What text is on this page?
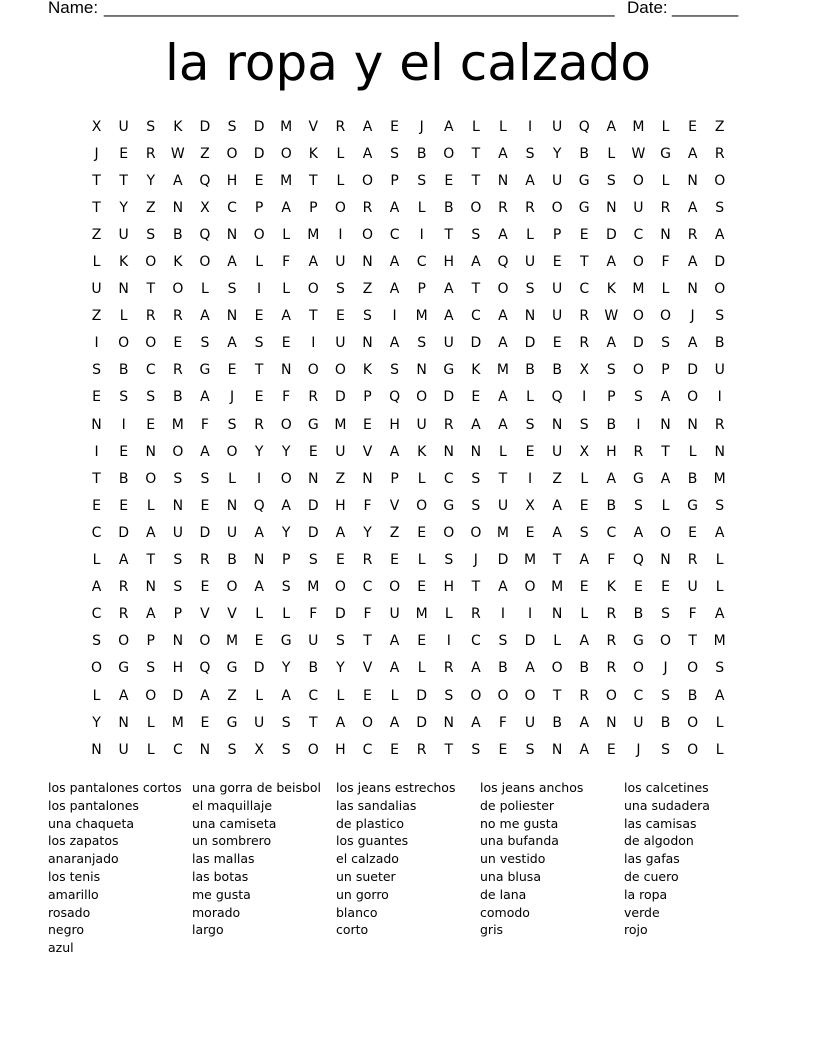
Name: ______________________________________________________ Date: _______
la ropa y el calzado
X	U	S	K	D	S	D	M	V	R	A	E	J	A	L	L	I	U	Q	A	M	L	E	Z
J	E	R	W	Z	O	D	O	K	L	A	S	B	O	T	A	S	Y	B	L	W	G	A	R
T	T	Y	A	Q	H	E	M	T	L	O	P	S	E	T	N	A	U	G	S	O	L	N	O
T	Y	Z	N	X	C	P	A	P	O	R	A	L	B	O	R	R	O	G	N	U	R	A	S
Z	U	S	B	Q	N	O	L	M	I	O	C	I	T	S	A	L	P	E	D	C	N	R	A
L	K	O	K	O	A	L	F	A	U	N	A	C	H	A	Q	U	E	T	A	O	F	A	D
U	N	T	O	L	S	I	L	O	S	Z	A	P	A	T	O	S	U	C	K	M	L	N	O
Z	L	R	R	A	N	E	A	T	E	S	I	M	A	C	A	N	U	R	W	O	O	J	S
I	O	O	E	S	A	S	E	I	U	N	A	S	U	D	A	D	E	R	A	D	S	A	B
S	B	C	R	G	E	T	N	O	O	K	S	N	G	K	M	B	B	X	S	O	P	D	U
E	S	S	B	A	J	E	F	R	D	P	Q	O	D	E	A	L	Q	I	P	S	A	O	I
N	I	E	M	F	S	R	O	G	M	E	H	U	R	A	A	S	N	S	B	I	N	N	R
I	E	N	O	A	O	Y	Y	E	U	V	A	K	N	N	L	E	U	X	H	R	T	L	N
T	B	O	S	S	L	I	O	N	Z	N	P	L	C	S	T	I	Z	L	A	G	A	B	M
E	E	L	N	E	N	Q	A	D	H	F	V	O	G	S	U	X	A	E	B	S	L	G	S
C	D	A	U	D	U	A	Y	D	A	Y	Z	E	O	O	M	E	A	S	C	A	O	E	A
L	A	T	S	R	B	N	P	S	E	R	E	L	S	J	D	M	T	A	F	Q	N	R	L
A	R	N	S	E	O	A	S	M	O	C	O	E	H	T	A	O	M	E	K	E	E	U	L
C	R	A	P	V	V	L	L	F	D	F	U	M	L	R	I	I	N	L	R	B	S	F	A
S	O	P	N	O	M	E	G	U	S	T	A	E	I	C	S	D	L	A	R	G	O	T	M
O	G	S	H	Q	G	D	Y	B	Y	V	A	L	R	A	B	A	O	B	R	O	J	O	S
L	A	O	D	A	Z	L	A	C	L	E	L	D	S	O	O	O	T	R	O	C	S	B	A
Y	N	L	M	E	G	U	S	T	A	O	A	D	N	A	F	U	B	A	N	U	B	O	L
N	U	L	C	N	S	X	S	O	H	C	E	R	T	S	E	S	N	A	E	J	S	O	L
los pantalones cortos
los pantalones
una chaqueta
los zapatos
anaranjado
los tenis
amarillo
rosado
negro
azul
una gorra de beisbol
el maquillaje
una camiseta
un sombrero
las mallas
las botas
me gusta
morado
largo
los jeans estrechos
las sandalias
de plastico
los guantes
el calzado
un sueter
un gorro
blanco
corto
los jeans anchos
de poliester
no me gusta
una bufanda
un vestido
una blusa
de lana
comodo
gris
los calcetines
una sudadera
las camisas
de algodon
las gafas
de cuero
la ropa
verde
rojo
